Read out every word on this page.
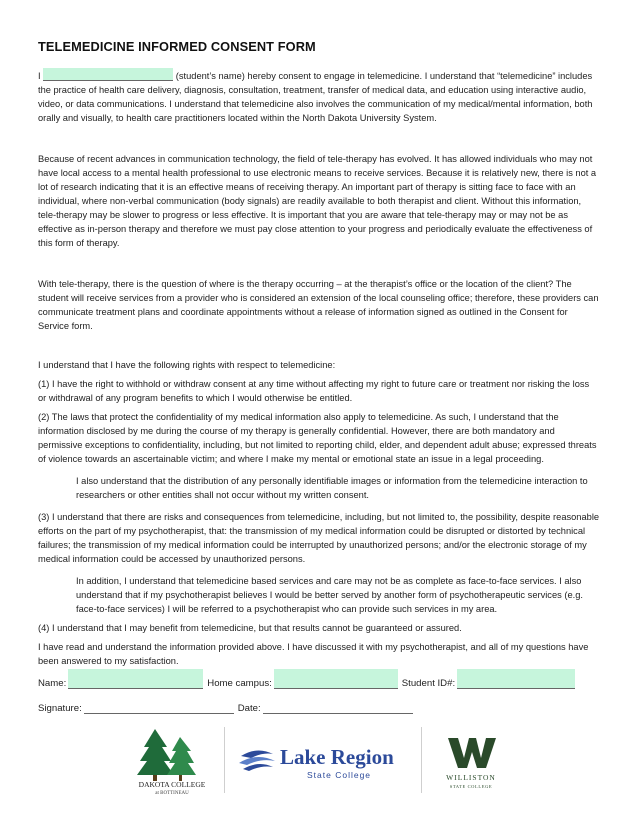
TELEMEDICINE INFORMED CONSENT FORM

I	(student’s name) hereby consent to engage in telemedicine. I understand that “telemedicine” includes the practice of health care delivery, diagnosis, consultation, treatment, transfer of medical data, and education using interactive audio, video, or data communications. I understand that telemedicine also involves the communication of my medical/mental information, both orally and visually, to health care practitioners located within the North Dakota University System.

Because of recent advances in communication technology, the field of tele-therapy has evolved. It has allowed individuals who may not have local access to a mental health professional to use electronic means to receive services. Because it is relatively new, there is not a lot of research indicating that it is an effective means of receiving therapy. An important part of therapy is sitting face to face with an individual, where non-verbal communication (body signals) are readily available to both therapist and client. Without this information, tele-therapy may be slower to progress or less effective. It is important that you are aware that tele-therapy may or may not be as effective as in-person therapy and therefore we must pay close attention to your progress and periodically evaluate the effectiveness of this form of therapy.

With tele-therapy, there is the question of where is the therapy occurring – at the therapist’s office or the location of the client? The student will receive services from a provider who is considered an extension of the local counseling office; therefore, these providers can communicate treatment plans and coordinate appointments without a release of information signed as outlined in the Consent for Service form.

I understand that I have the following rights with respect to telemedicine:

(1) I have the right to withhold or withdraw consent at any time without affecting my right to future care or treatment nor risking the loss or withdrawal of any program benefits to which I would otherwise be entitled.

(2) The laws that protect the confidentiality of my medical information also apply to telemedicine. As such, I understand that the information disclosed by me during the course of my therapy is generally confidential. However, there are both mandatory and permissive exceptions to confidentiality, including, but not limited to reporting child, elder, and dependent adult abuse; expressed threats of violence towards an ascertainable victim; and where I make my mental or emotional state an issue in a legal proceeding.

I also understand that the distribution of any personally identifiable images or information from the telemedicine interaction to researchers or other entities shall not occur without my written consent.

(3) I understand that there are risks and consequences from telemedicine, including, but not limited to, the possibility, despite reasonable efforts on the part of my psychotherapist, that: the transmission of my medical information could be disrupted or distorted by technical failures; the transmission of my medical information could be interrupted by unauthorized persons; and/or the electronic storage of my medical information could be accessed by unauthorized persons.

In addition, I understand that telemedicine based services and care may not be as complete as face-to-face services. I also understand that if my psychotherapist believes I would be better served by another form of psychotherapeutic services (e.g. face-to-face services) I will be referred to a psychotherapist who can provide such services in my area.

(4) I understand that I may benefit from telemedicine, but that results cannot be guaranteed or assured.

I have read and understand the information provided above. I have discussed it with my psychotherapist, and all of my questions have been answered to my satisfaction.

Name:	Home campus:	Student ID#:
Signature:	Date:
DAKOTA COLLEGE
at BOTTINEAU
Lake Region
State College	WILLISTON
STATE COLLEGE
